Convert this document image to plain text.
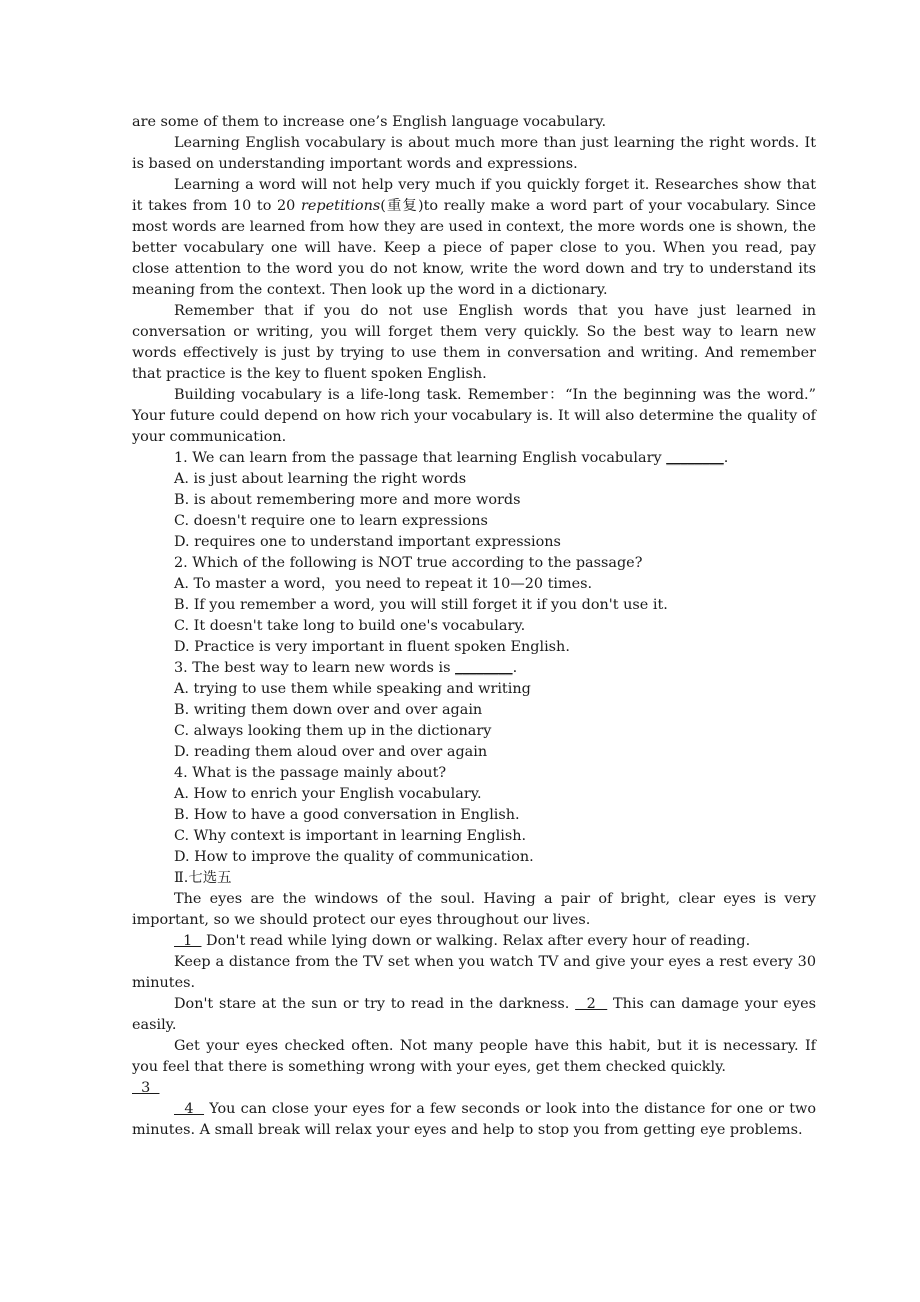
are some of them to increase one’s English language vocabulary.

Learning English vocabulary is about much more than just learning the right words. It is based on understanding important words and expressions.

Learning a word will not help very much if you quickly forget it. Researches show that it takes from 10 to 20 repetitions(重复)to really make a word part of your vocabulary. Since most words are learned from how they are used in context, the more words one is shown, the better vocabulary one will have. Keep a piece of paper close to you. When you read, pay close attention to the word you do not know, write the word down and try to understand its meaning from the context. Then look up the word in a dictionary.

Remember that if you do not use English words that you have just learned in conversation or writing, you will forget them very quickly. So the best way to learn new words effectively is just by trying to use them in conversation and writing. And remember that practice is the key to fluent spoken English.

Building vocabulary is a life-long task. Remember：“In the beginning was the word.” Your future could depend on how rich your vocabulary is. It will also determine the quality of your communication.

1. We can learn from the passage that learning English vocabulary ________.

A. is just about learning the right words

B. is about remembering more and more words

C. doesn't require one to learn expressions

D. requires one to understand important expressions

2. Which of the following is NOT true according to the passage?

A. To master a word，you need to repeat it 10—20 times.

B. If you remember a word, you will still forget it if you don't use it.

C. It doesn't take long to build one's vocabulary.

D. Practice is very important in fluent spoken English.

3. The best way to learn new words is ________.

A. trying to use them while speaking and writing

B. writing them down over and over again

C. always looking them up in the dictionary

D. reading them aloud over and over again

4. What is the passage mainly about?

A. How to enrich your English vocabulary.

B. How to have a good conversation in English.

C. Why context is important in learning English.

D. How to improve the quality of communication.

Ⅱ.七选五

The eyes are the windows of the soul. Having a pair of bright, clear eyes is very important, so we should protect our eyes throughout our lives.

1   Don't read while lying down or walking. Relax after every hour of reading.

Keep a distance from the TV set when you watch TV and give your eyes a rest every 30 minutes.

Don't stare at the sun or try to read in the darkness.   2   This can damage your eyes easily.

Get your eyes checked often. Not many people have this habit, but it is necessary. If you feel that there is something wrong with your eyes, get them checked quickly.

3

4   You can close your eyes for a few seconds or look into the distance for one or two minutes. A small break will relax your eyes and help to stop you from getting eye problems.
